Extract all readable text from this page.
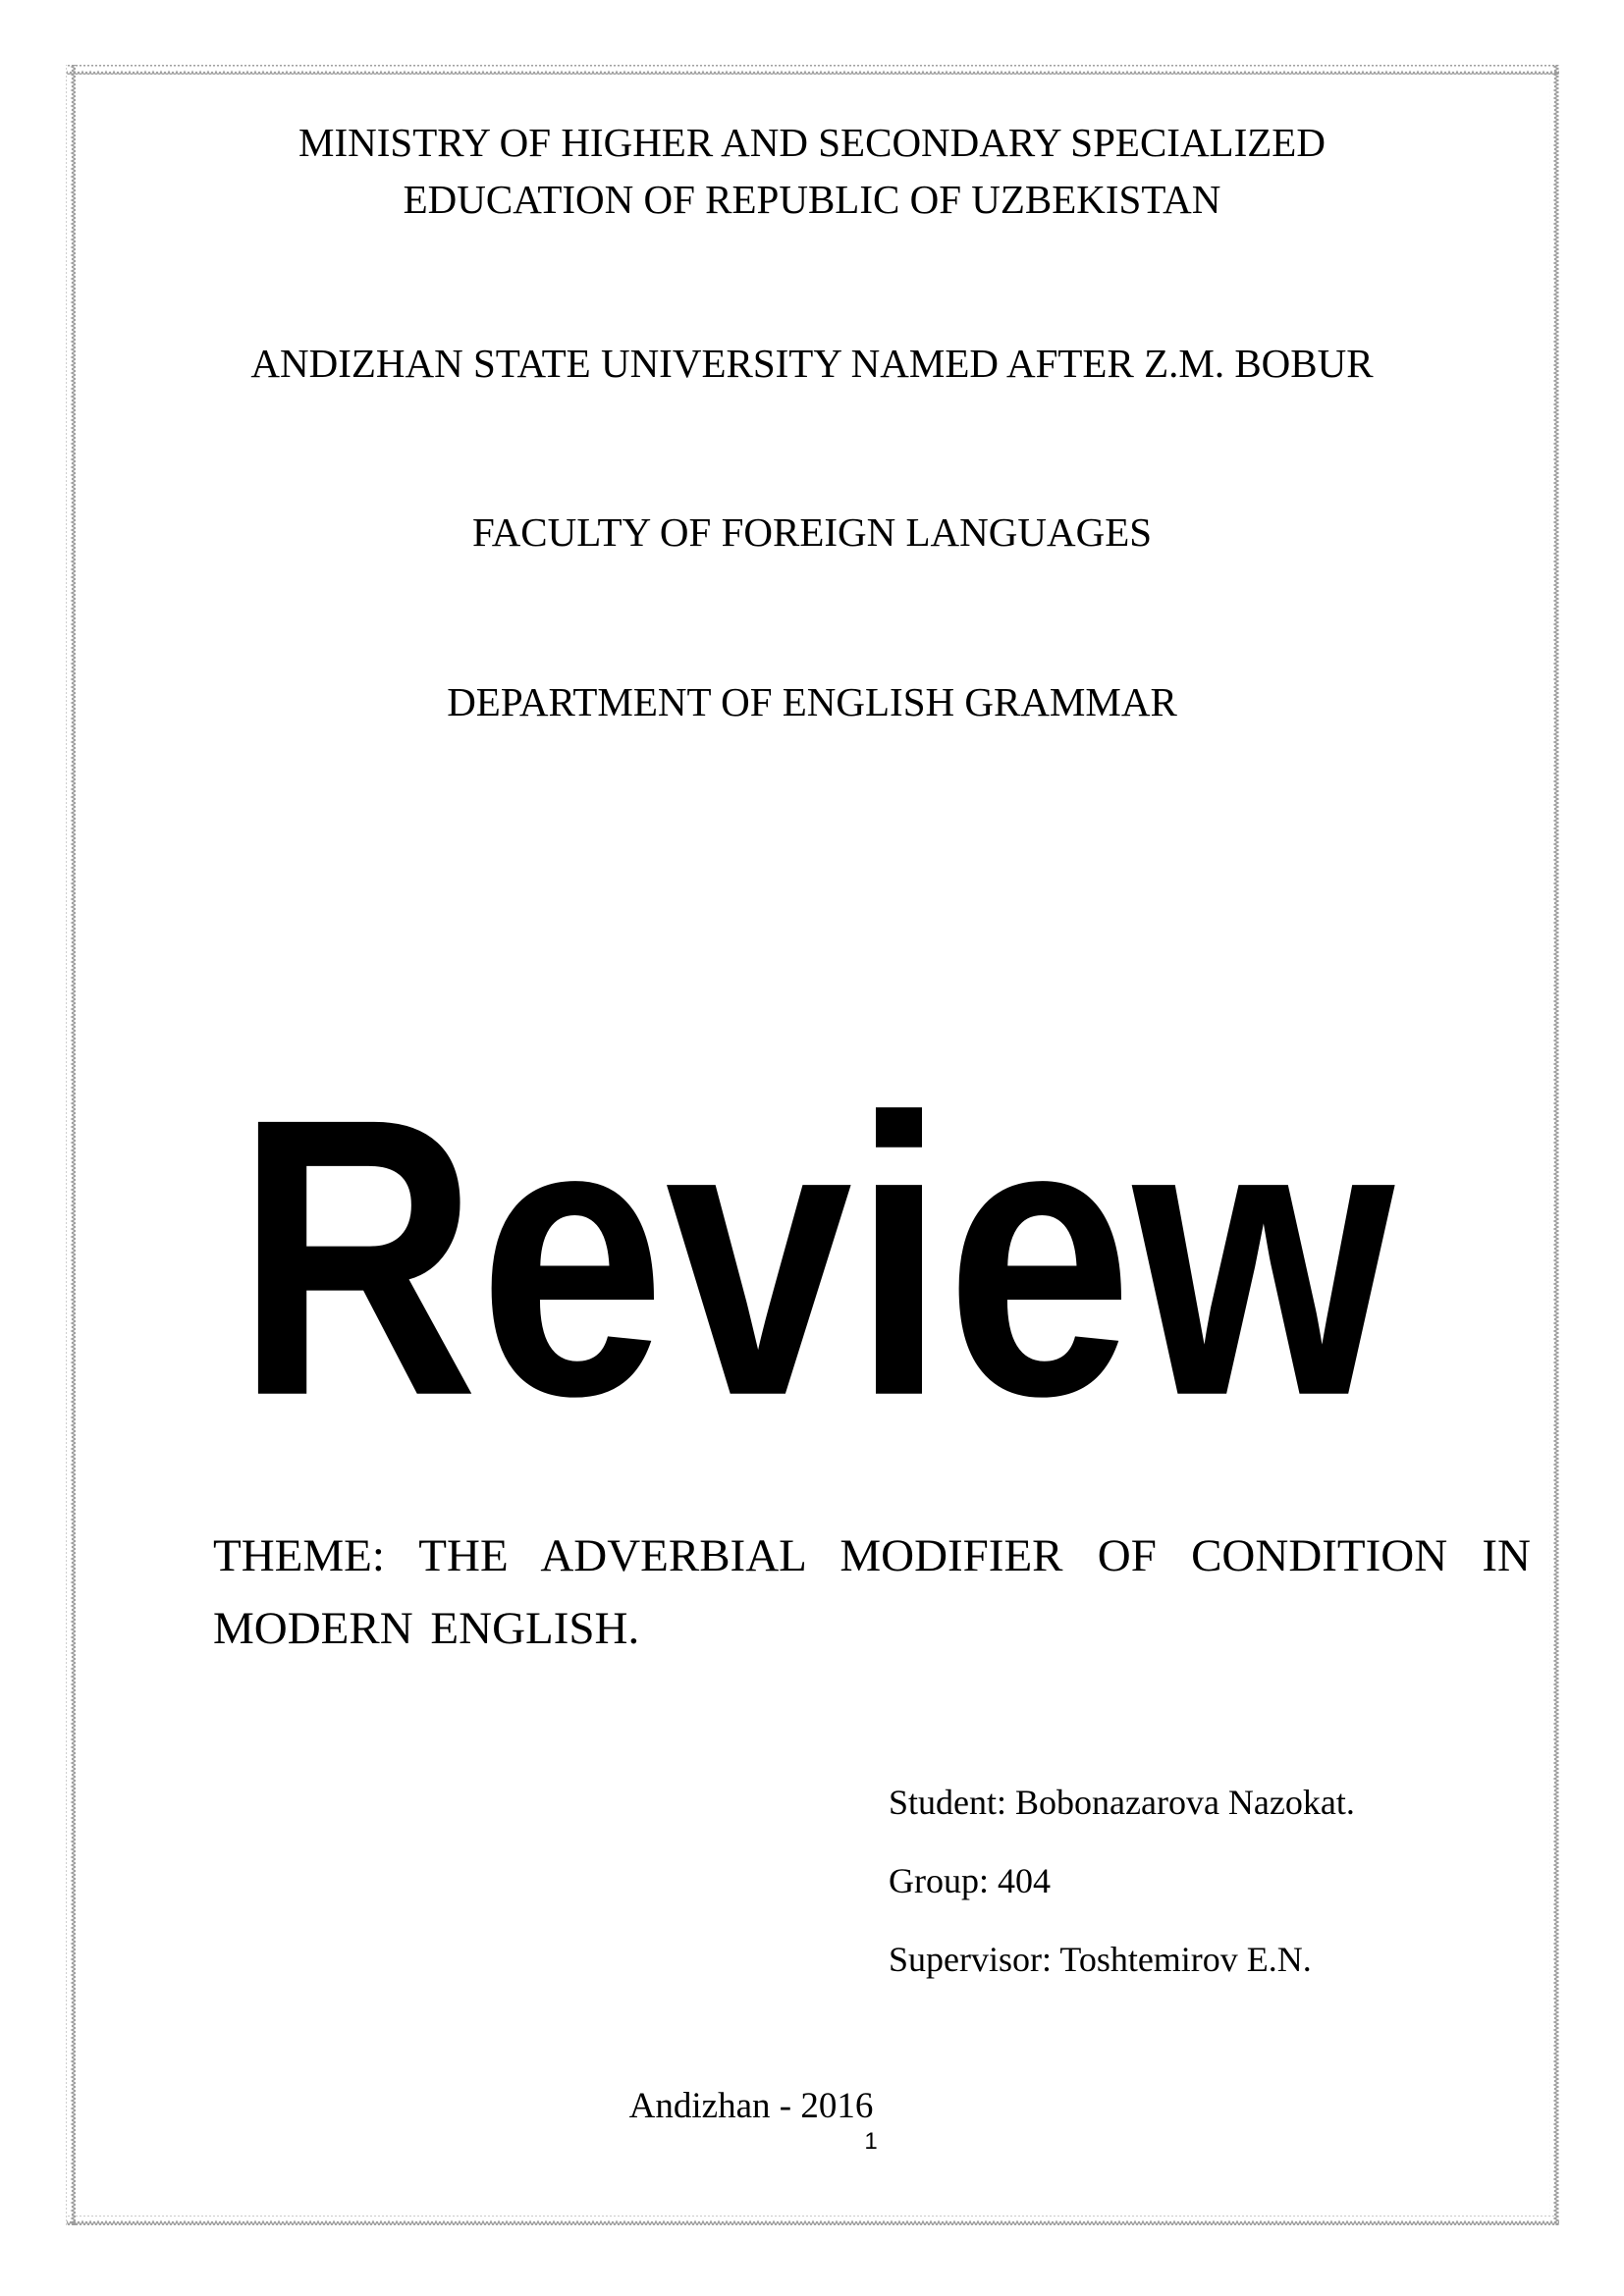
MINISTRY OF HIGHER AND SECONDARY SPECIALIZED
EDUCATION OF REPUBLIC OF UZBEKISTAN
ANDIZHAN STATE UNIVERSITY NAMED AFTER Z.M. BOBUR
FACULTY OF FOREIGN LANGUAGES
DEPARTMENT OF ENGLISH GRAMMAR
Review
THEME: THE ADVERBIAL MODIFIER OF CONDITION IN MODERN ENGLISH.
Student: Bobonazarova Nazokat.
Group: 404
Supervisor: Toshtemirov E.N.
Andizhan - 2016
1
